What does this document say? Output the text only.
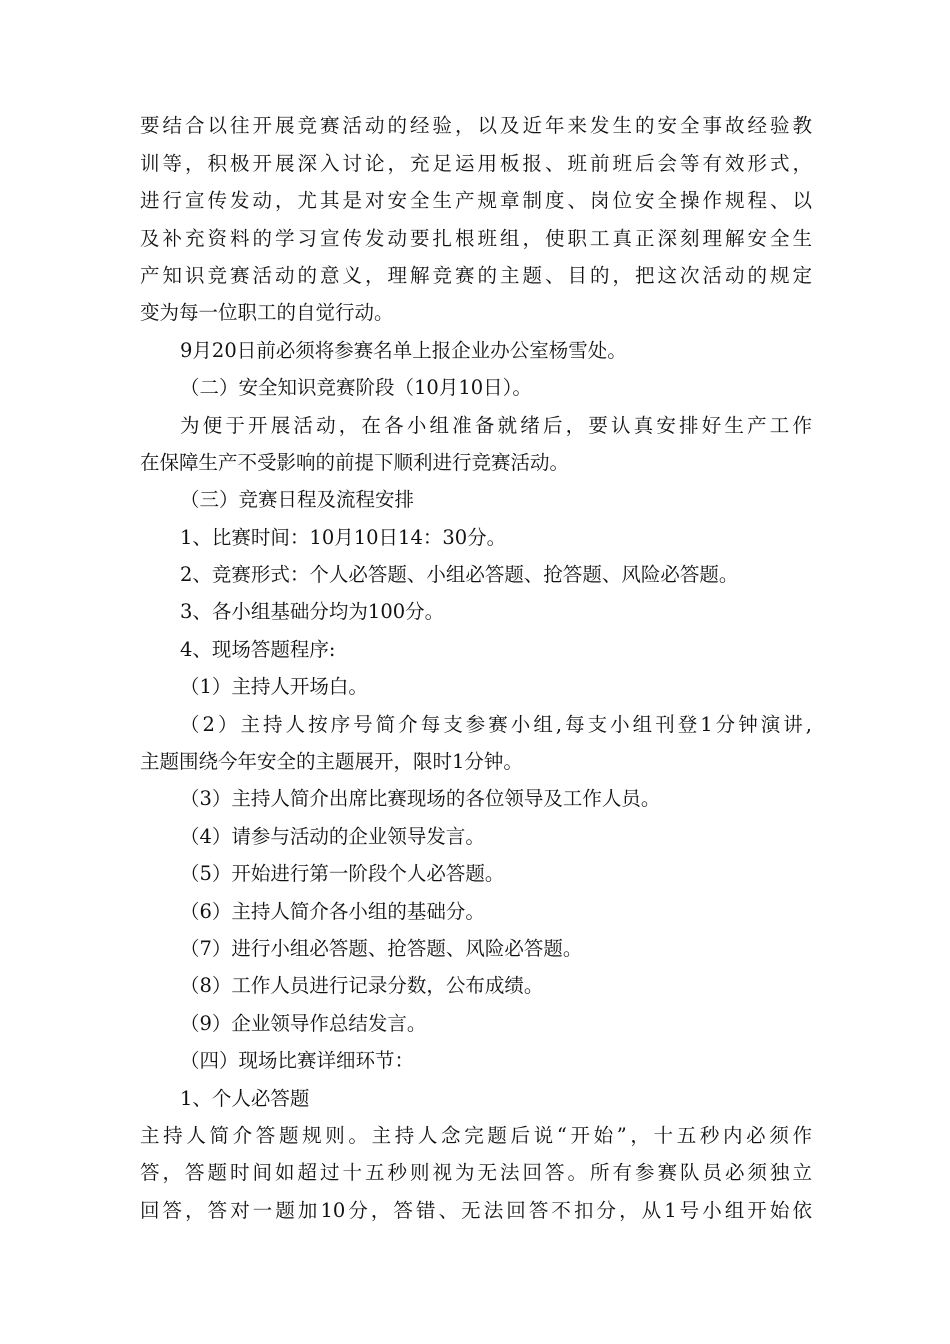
要结合以往开展竞赛活动的经验，以及近年来发生的安全事故经验教
训等，积极开展深入讨论，充足运用板报、班前班后会等有效形式，
进行宣传发动，尤其是对安全生产规章制度、岗位安全操作规程、以
及补充资料的学习宣传发动要扎根班组，使职工真正深刻理解安全生
产知识竞赛活动的意义，理解竞赛的主题、目的，把这次活动的规定
变为每一位职工的自觉行动。
9月20日前必须将参赛名单上报企业办公室杨雪处。
（二）安全知识竞赛阶段（10月10日）。
为便于开展活动，在各小组准备就绪后，要认真安排好生产工作
在保障生产不受影响的前提下顺利进行竞赛活动。
（三）竞赛日程及流程安排
1、比赛时间：10月10日14：30分。
2、竞赛形式：个人必答题、小组必答题、抢答题、风险必答题。
3、各小组基础分均为100分。
4、现场答题程序:
（1）主持人开场白。
（2）主持人按序号简介每支参赛小组,每支小组刊登1分钟演讲,
主题围绕今年安全的主题展开，限时1分钟。
（3）主持人简介出席比赛现场的各位领导及工作人员。
（4）请参与活动的企业领导发言。
（5）开始进行第一阶段个人必答题。
（6）主持人简介各小组的基础分。
（7）进行小组必答题、抢答题、风险必答题。
（8）工作人员进行记录分数，公布成绩。
（9）企业领导作总结发言。
（四）现场比赛详细环节：
1、个人必答题
主持人简介答题规则。主持人念完题后说“开始”，十五秒内必须作
答，答题时间如超过十五秒则视为无法回答。所有参赛队员必须独立
回答，答对一题加10分，答错、无法回答不扣分，从1号小组开始依
